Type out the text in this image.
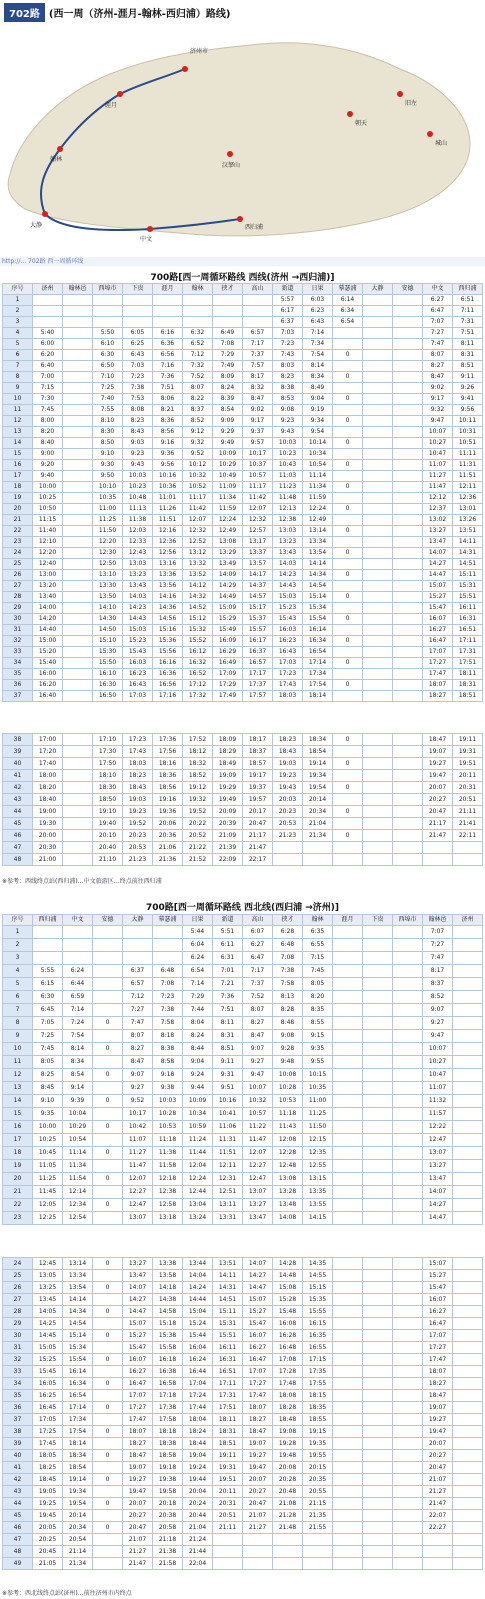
702路 (西一周（济州-涯月-翰林-西归浦）路线)
济州市
涯月
翰林
汉拏山
西归浦
中文
大静
城山
朝天
旧左
http://... 702路 西一周循环线
700路[西一周循环路线 西线(济州 →西归浦)]
序号	济州	翰林邑	西埠市	下贵	涯月	翰林	挟才	高山	新道	日果	摹瑟浦	大静	安德	中文	西归浦
1									5:57	6:03	6:14			6:27	6:51
2									6:17	6:23	6:34			6:47	7:11
3									6:37	6:43	6:54			7:07	7:31
4	5:40		5:50	6:05	6:16	6:32	6:49	6:57	7:03	7:14				7:27	7:51
5	6:00		6:10	6:25	6:36	6:52	7:08	7:17	7:23	7:34				7:47	8:11
6	6:20		6:30	6:43	6:56	7:12	7:29	7:37	7:43	7:54	0			8:07	8:31
7	6:40		6:50	7:03	7:16	7:32	7:49	7:57	8:03	8:14				8:27	8:51
8	7:00		7:10	7:23	7:36	7:52	8:09	8:17	8:23	8:34	0			8:47	9:11
9	7:15		7:25	7:38	7:51	8:07	8:24	8:32	8:38	8:49				9:02	9:26
10	7:30		7:40	7:53	8:06	8:22	8:39	8:47	8:53	9:04	0			9:17	9:41
11	7:45		7:55	8:08	8:21	8:37	8:54	9:02	9:08	9:19				9:32	9:56
12	8:00		8:10	8:23	8:36	8:52	9:09	9:17	9:23	9:34	0			9:47	10:11
13	8:20		8:30	8:43	8:56	9:12	9:29	9:37	9:43	9:54				10:07	10:31
14	8:40		8:50	9:03	9:16	9:32	9:49	9:57	10:03	10:14	0			10:27	10:51
15	9:00		9:10	9:23	9:36	9:52	10:09	10:17	10:23	10:34				10:47	11:11
16	9:20		9:30	9:43	9:56	10:12	10:29	10:37	10:43	10:54	0			11:07	11:31
17	9:40		9:50	10:03	10:16	10:32	10:49	10:57	11:03	11:14				11:27	11:51
18	10:00		10:10	10:23	10:36	10:52	11:09	11:17	11:23	11:34	0			11:47	12:11
19	10:25		10:35	10:48	11:01	11:17	11:34	11:42	11:48	11:59				12:12	12:36
20	10:50		11:00	11:13	11:26	11:42	11:59	12:07	12:13	12:24	0			12:37	13:01
21	11:15		11:25	11:38	11:51	12:07	12:24	12:32	12:38	12:49				13:02	13:26
22	11:40		11:50	12:03	12:16	12:32	12:49	12:57	13:03	13:14	0			13:27	13:51
23	12:10		12:20	12:33	12:36	12:52	13:08	13:17	13:23	13:34				13:47	14:11
24	12:20		12:30	12:43	12:56	13:12	13:29	13:37	13:43	13:54	0			14:07	14:31
25	12:40		12:50	13:03	13:16	13:32	13:49	13:57	14:03	14:14				14:27	14:51
26	13:00		13:10	13:23	13:36	13:52	14:09	14:17	14:23	14:34	0			14:47	15:11
27	13:20		13:30	13:43	13:56	14:12	14:29	14:37	14:43	14:54				15:07	15:31
28	13:40		13:50	14:03	14:16	14:32	14:49	14:57	15:03	15:14	0			15:27	15:51
29	14:00		14:10	14:23	14:36	14:52	15:09	15:17	15:23	15:34				15:47	16:11
30	14:20		14:30	14:43	14:56	15:12	15:29	15:37	15:43	15:54	0			16:07	16:31
31	14:40		14:50	15:03	15:16	15:32	15:49	15:57	16:03	16:14				16:27	16:51
32	15:00		15:10	15:23	15:36	15:52	16:09	16:17	16:23	16:34	0			16:47	17:11
33	15:20		15:30	15:43	15:56	16:12	16:29	16:37	16:43	16:54				17:07	17:31
34	15:40		15:50	16:03	16:16	16:32	16:49	16:57	17:03	17:14	0			17:27	17:51
35	16:00		16:10	16:23	16:36	16:52	17:09	17:17	17:23	17:34				17:47	18:11
36	16:20		16:30	16:43	16:56	17:12	17:29	17:37	17:43	17:54	0			18:07	18:31
37	16:40		16:50	17:03	17:16	17:32	17:49	17:57	18:03	18:14				18:27	18:51
38	17:00		17:10	17:23	17:36	17:52	18:09	18:17	18:23	18:34	0			18:47	19:11
39	17:20		17:30	17:43	17:56	18:12	18:29	18:37	18:43	18:54				19:07	19:31
40	17:40		17:50	18:03	18:16	18:32	18:49	18:57	19:03	19:14	0			19:27	19:51
41	18:00		18:10	18:23	18:36	18:52	19:09	19:17	19:23	19:34				19:47	20:11
42	18:20		18:30	18:43	18:56	19:12	19:29	19:37	19:43	19:54	0			20:07	20:31
43	18:40		18:50	19:03	19:16	19:32	19:49	19:57	20:03	20:14				20:27	20:51
44	19:00		19:10	19:23	19:36	19:52	20:09	20:17	20:23	20:34	0			20:47	21:11
45	19:30		19:40	19:52	20:06	20:22	20:39	20:47	20:53	21:04				21:17	21:41
46	20:00		20:10	20:23	20:36	20:52	21:09	21:17	21:23	21:34	0			21:47	22:11
47	20:30		20:40	20:53	21:06	21:22	21:39	21:47							
48	21:00		21:10	21:23	21:36	21:52	22:09	22:17							
※参考：西线终点站(西归浦)…中文旅游区…终点前往西归浦
700路[西一周循环路线 西北线(西归浦 →济州)]
序号	西归浦	中文	安德	大静	摹瑟浦	日果	新道	高山	挟才	翰林	涯月	下贵	西埠市	翰林邑	济州
1						5:44	5:51	6:07	6:28	6:35				7:07	
2						6:04	6:11	6:27	6:48	6:55				7:27	
3						6:24	6:31	6:47	7:08	7:15				7:47	
4	5:55	6:24		6:37	6:48	6:54	7:01	7:17	7:38	7:45				8:17	
5	6:15	6:44		6:57	7:08	7:14	7:21	7:37	7:58	8:05				8:37	
6	6:30	6:59		7:12	7:23	7:29	7:36	7:52	8:13	8:20				8:52	
7	6:45	7:14		7:27	7:38	7:44	7:51	8:07	8:28	8:35				9:07	
8	7:05	7:24	0	7:47	7:58	8:04	8:11	8:27	8:48	8:55				9:27	
9	7:25	7:54		8:07	8:18	8:24	8:31	8:47	9:08	9:15				9:47	
10	7:45	8:14	0	8:27	8:38	8:44	8:51	9:07	9:28	9:35				10:07	
11	8:05	8:34		8:47	8:58	9:04	9:11	9:27	9:48	9:55				10:27	
12	8:25	8:54	0	9:07	9:18	9:24	9:31	9:47	10:08	10:15				10:47	
13	8:45	9:14		9:27	9:38	9:44	9:51	10:07	10:28	10:35				11:07	
14	9:10	9:39	0	9:52	10:03	10:09	10:16	10:32	10:53	11:00				11:32	
15	9:35	10:04		10:17	10:28	10:34	10:41	10:57	11:18	11:25				11:57	
16	10:00	10:29	0	10:42	10:53	10:59	11:06	11:22	11:43	11:50				12:22	
17	10:25	10:54		11:07	11:18	11:24	11:31	11:47	12:08	12:15				12:47	
18	10:45	11:14	0	11:27	11:38	11:44	11:51	12:07	12:28	12:35				13:07	
19	11:05	11:34		11:47	11:58	12:04	12:11	12:27	12:48	12:55				13:27	
20	11:25	11:54	0	12:07	12:18	12:24	12:31	12:47	13:08	13:15				13:47	
21	11:45	12:14		12:27	12:38	12:44	12:51	13:07	13:28	13:35				14:07	
22	12:05	12:34	0	12:47	12:58	13:04	13:11	13:27	13:48	13:55				14:27	
23	12:25	12:54		13:07	13:18	13:24	13:31	13:47	14:08	14:15				14:47	
24	12:45	13:14	0	13:27	13:38	13:44	13:51	14:07	14:28	14:35				15:07	
25	13:05	13:34		13:47	13:58	14:04	14:11	14:27	14:48	14:55				15:27	
26	13:25	13:54	0	14:07	14:18	14:24	14:31	14:47	15:08	15:15				15:47	
27	13:45	14:14		14:27	14:38	14:44	14:51	15:07	15:28	15:35				16:07	
28	14:05	14:34	0	14:47	14:58	15:04	15:11	15:27	15:48	15:55				16:27	
29	14:25	14:54		15:07	15:18	15:24	15:31	15:47	16:08	16:15				16:47	
30	14:45	15:14	0	15:27	15:38	15:44	15:51	16:07	16:28	16:35				17:07	
31	15:05	15:34		15:47	15:58	16:04	16:11	16:27	16:48	16:55				17:27	
32	15:25	15:54	0	16:07	16:18	16:24	16:31	16:47	17:08	17:15				17:47	
33	15:45	16:14		16:27	16:38	16:44	16:51	17:07	17:28	17:35				18:07	
34	16:05	16:34	0	16:47	16:58	17:04	17:11	17:27	17:48	17:55				18:27	
35	16:25	16:54		17:07	17:18	17:24	17:31	17:47	18:08	18:15				18:47	
36	16:45	17:14	0	17:27	17:38	17:44	17:51	18:07	18:28	18:35				19:07	
37	17:05	17:34		17:47	17:58	18:04	18:11	18:27	18:48	18:55				19:27	
38	17:25	17:54	0	18:07	18:18	18:24	18:31	18:47	19:08	19:15				19:47	
39	17:45	18:14		18:27	18:38	18:44	18:51	19:07	19:28	19:35				20:07	
40	18:05	18:34	0	18:47	18:58	19:04	19:11	19:27	19:48	19:55				20:27	
41	18:25	18:54		19:07	19:18	19:24	19:31	19:47	20:08	20:15				20:47	
42	18:45	19:14	0	19:27	19:38	19:44	19:51	20:07	20:28	20:35				21:07	
43	19:05	19:34		19:47	19:58	20:04	20:11	20:27	20:48	20:55				21:27	
44	19:25	19:54	0	20:07	20:18	20:24	20:31	20:47	21:08	21:15				21:47	
45	19:45	20:14		20:27	20:38	20:44	20:51	21:07	21:28	21:35				22:07	
46	20:05	20:34	0	20:47	20:58	21:04	21:11	21:27	21:48	21:55				22:27	
47	20:25	20:54		21:07	21:18	21:24									
48	20:45	21:14		21:27	21:38	21:44									
49	21:05	21:34		21:47	21:58	22:04									
※参考：西北线终点站(济州)…前往济州市内终点
